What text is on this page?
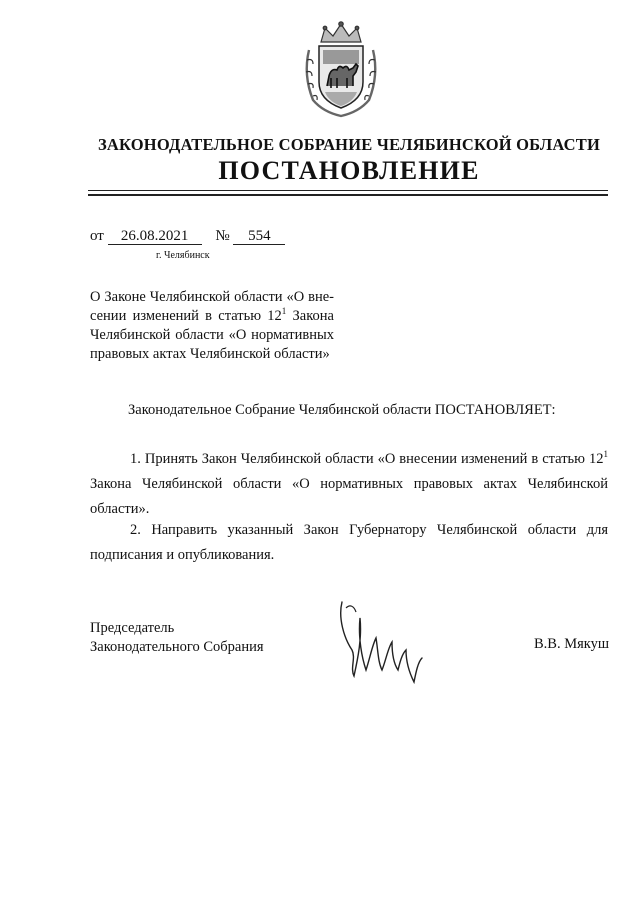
ЗАКОНОДАТЕЛЬНОЕ СОБРАНИЕ ЧЕЛЯБИНСКОЙ ОБЛАСТИ
ПОСТАНОВЛЕНИЕ
от 26.08.2021 № 554
г. Челябинск
О Законе Челябинской области «О вне-сении изменений в статью $12^1$ Закона Челябинской области «О нормативных правовых актах Челябинской области»
Законодательное Собрание Челябинской области ПОСТАНОВЛЯЕТ:
1. Принять Закон Челябинской области «О внесении изменений в статью $12^1$ Закона Челябинской области «О нормативных правовых актах Челябинской области».
2. Направить указанный Закон Губернатору Челябинской области для подписания и опубликования.
Председатель
Законодательного Собрания	В.В. Мякуш
